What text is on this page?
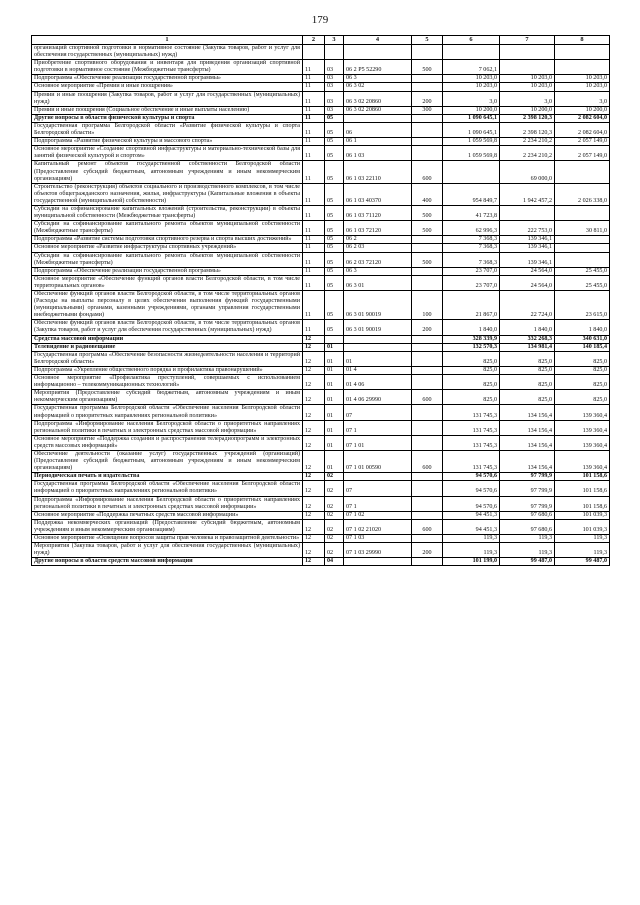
179
1	2	3	4	5	6	7	8
организаций спортивной подготовки в нормативное состояние (Закупка товаров, работ и услуг для обеспечения государственных (муниципальных) нужд)							
Приобретение спортивного оборудования и инвентаря для приведения организаций спортивной подготовки в нормативное состояние (Межбюджетные трансферты)	11	03	06 2 P5 52290	500	7 062,1		
Подпрограмма «Обеспечение реализации государственной программы»	11	03	06 3		10 203,0	10 203,0	10 203,0
Основное мероприятие «Премии и иные поощрения»	11	03	06 3 02		10 203,0	10 203,0	10 203,0
Премии и иные поощрения (Закупка товаров, работ и услуг для государственных (муниципальных) нужд)	11	03	06 3 02 20860	200	3,0	3,0	3,0
Премии и иные поощрения (Социальное обеспечение и иные выплаты населению)	11	03	06 3 02 20860	300	10 200,0	10 200,0	10 200,0
Другие вопросы в области физической культуры и спорта	11	05			1 090 645,1	2 398 120,3	2 082 604,0
Государственная программа Белгородской области «Развитие физической культуры и спорта Белгородской области»	11	05	06		1 090 645,1	2 398 120,3	2 082 604,0
Подпрограмма «Развитие физической культуры и массового спорта»	11	05	06 1		1 059 569,8	2 234 210,2	2 057 149,0
Основное мероприятие «Создание спортивной инфраструктуры и материально-технической базы для занятий физической культурой и спортом»	11	05	06 1 03		1 059 569,8	2 234 210,2	2 057 149,0
Капитальный ремонт объектов государственной собственности Белгородской области (Предоставление субсидий бюджетным, автономным учреждениям и иным некоммерческим организациям)	11	05	06 1 03 22110	600		69 000,0	
Строительство (реконструкция) объектов социального и производственного комплексов, в том числе объектов общегражданского назначения, жилья, инфраструктуры (Капитальные вложения в объекты государственной (муниципальной) собственности)	11	05	06 1 03 40370	400	954 849,7	1 942 457,2	2 026 338,0
Субсидии на софинансирование капитальных вложений (строительства, реконструкции) в объекты муниципальной собственности (Межбюджетные трансферты)	11	05	06 1 03 71120	500	41 723,8		
Субсидии на софинансирование капитального ремонта объектов муниципальной собственности (Межбюджетные трансферты)	11	05	06 1 03 72120	500	62 996,3	222 753,0	30 811,0
Подпрограмма «Развитие системы подготовки спортивного резерва и спорта высших достижений»	11	05	06 2		7 368,3	139 346,1	
Основное мероприятие «Развитие инфраструктуры спортивных учреждений»	11	05	06 2 03		7 368,3	139 346,1	
Субсидии на софинансирование капитального ремонта объектов муниципальной собственности (Межбюджетные трансферты)	11	05	06 2 03 72120	500	7 368,3	139 346,1	
Подпрограмма «Обеспечение реализации государственной программы»	11	05	06 3		23 707,0	24 564,0	25 455,0
Основное мероприятие «Обеспечение функций органов власти Белгородской области, в том числе территориальных органов»	11	05	06 3 01		23 707,0	24 564,0	25 455,0
Обеспечение функций органов власти Белгородской области, в том числе территориальных органов (Расходы на выплаты персоналу в целях обеспечения выполнения функций государственными (муниципальными) органами, казенными учреждениями, органами управления государственными внебюджетными фондами)	11	05	06 3 01 90019	100	21 867,0	22 724,0	23 615,0
Обеспечение функций органов власти Белгородской области, в том числе территориальных органов (Закупка товаров, работ и услуг для обеспечения государственных (муниципальных) нужд)	11	05	06 3 01 90019	200	1 840,0	1 840,0	1 840,0
Средства массовой информации	12				328 339,9	332 268,3	340 631,0
Телевидение и радиовещание	12	01			132 570,3	134 981,4	140 185,4
Государственная программа «Обеспечение безопасности жизнедеятельности населения и территорий Белгородской области»	12	01	01		825,0	825,0	825,0
Подпрограмма «Укрепление общественного порядка и профилактика правонарушений»	12	01	01 4		825,0	825,0	825,0
Основное мероприятие «Профилактика преступлений, совершаемых с использованием информационно – телекоммуникационных технологий»	12	01	01 4 06		825,0	825,0	825,0
Мероприятия (Предоставление субсидий бюджетным, автономным учреждениям и иным некоммерческим организациям)	12	01	01 4 06 29990	600	825,0	825,0	825,0
Государственная программа Белгородской области «Обеспечение населения Белгородской области информацией о приоритетных направлениях региональной политики»	12	01	07		131 745,3	134 156,4	139 360,4
Подпрограмма «Информирование населения Белгородской области о приоритетных направлениях региональной политики в печатных и электронных средствах массовой информации»	12	01	07 1		131 745,3	134 156,4	139 360,4
Основное мероприятие «Поддержка создания и распространения телерадиопрограмм и электронных средств массовых информаций»	12	01	07 1 01		131 745,3	134 156,4	139 360,4
Обеспечение деятельности (оказание услуг) государственных учреждений (организаций) (Предоставление субсидий бюджетным, автономным учреждениям и иным некоммерческим организациям)	12	01	07 1 01 00590	600	131 745,3	134 156,4	139 360,4
Периодическая печать и издательства	12	02			94 570,6	97 799,9	101 158,6
Государственная программа Белгородской области «Обеспечение населения Белгородской области информацией о приоритетных направлениях региональной политики»	12	02	07		94 570,6	97 799,9	101 158,6
Подпрограмма «Информирование населения Белгородской области о приоритетных направлениях региональной политики в печатных и электронных средствах массовой информации»	12	02	07 1		94 570,6	97 799,9	101 158,6
Основное мероприятие «Поддержка печатных средств массовой информации»	12	02	07 1 02		94 451,3	97 680,6	101 039,3
Поддержка некоммерческих организаций (Предоставление субсидий бюджетным, автономным учреждениям и иным некоммерческим организациям)	12	02	07 1 02 21020	600	94 451,3	97 680,6	101 039,3
Основное мероприятие «Освещение вопросов защиты прав человека и правозащитной деятельности»	12	02	07 1 03		119,3	119,3	119,3
Мероприятия (Закупка товаров, работ и услуг для обеспечения государственных (муниципальных) нужд)	12	02	07 1 03 29990	200	119,3	119,3	119,3
Другие вопросы в области средств массовой информации	12	04			101 199,0	99 487,0	99 487,0
